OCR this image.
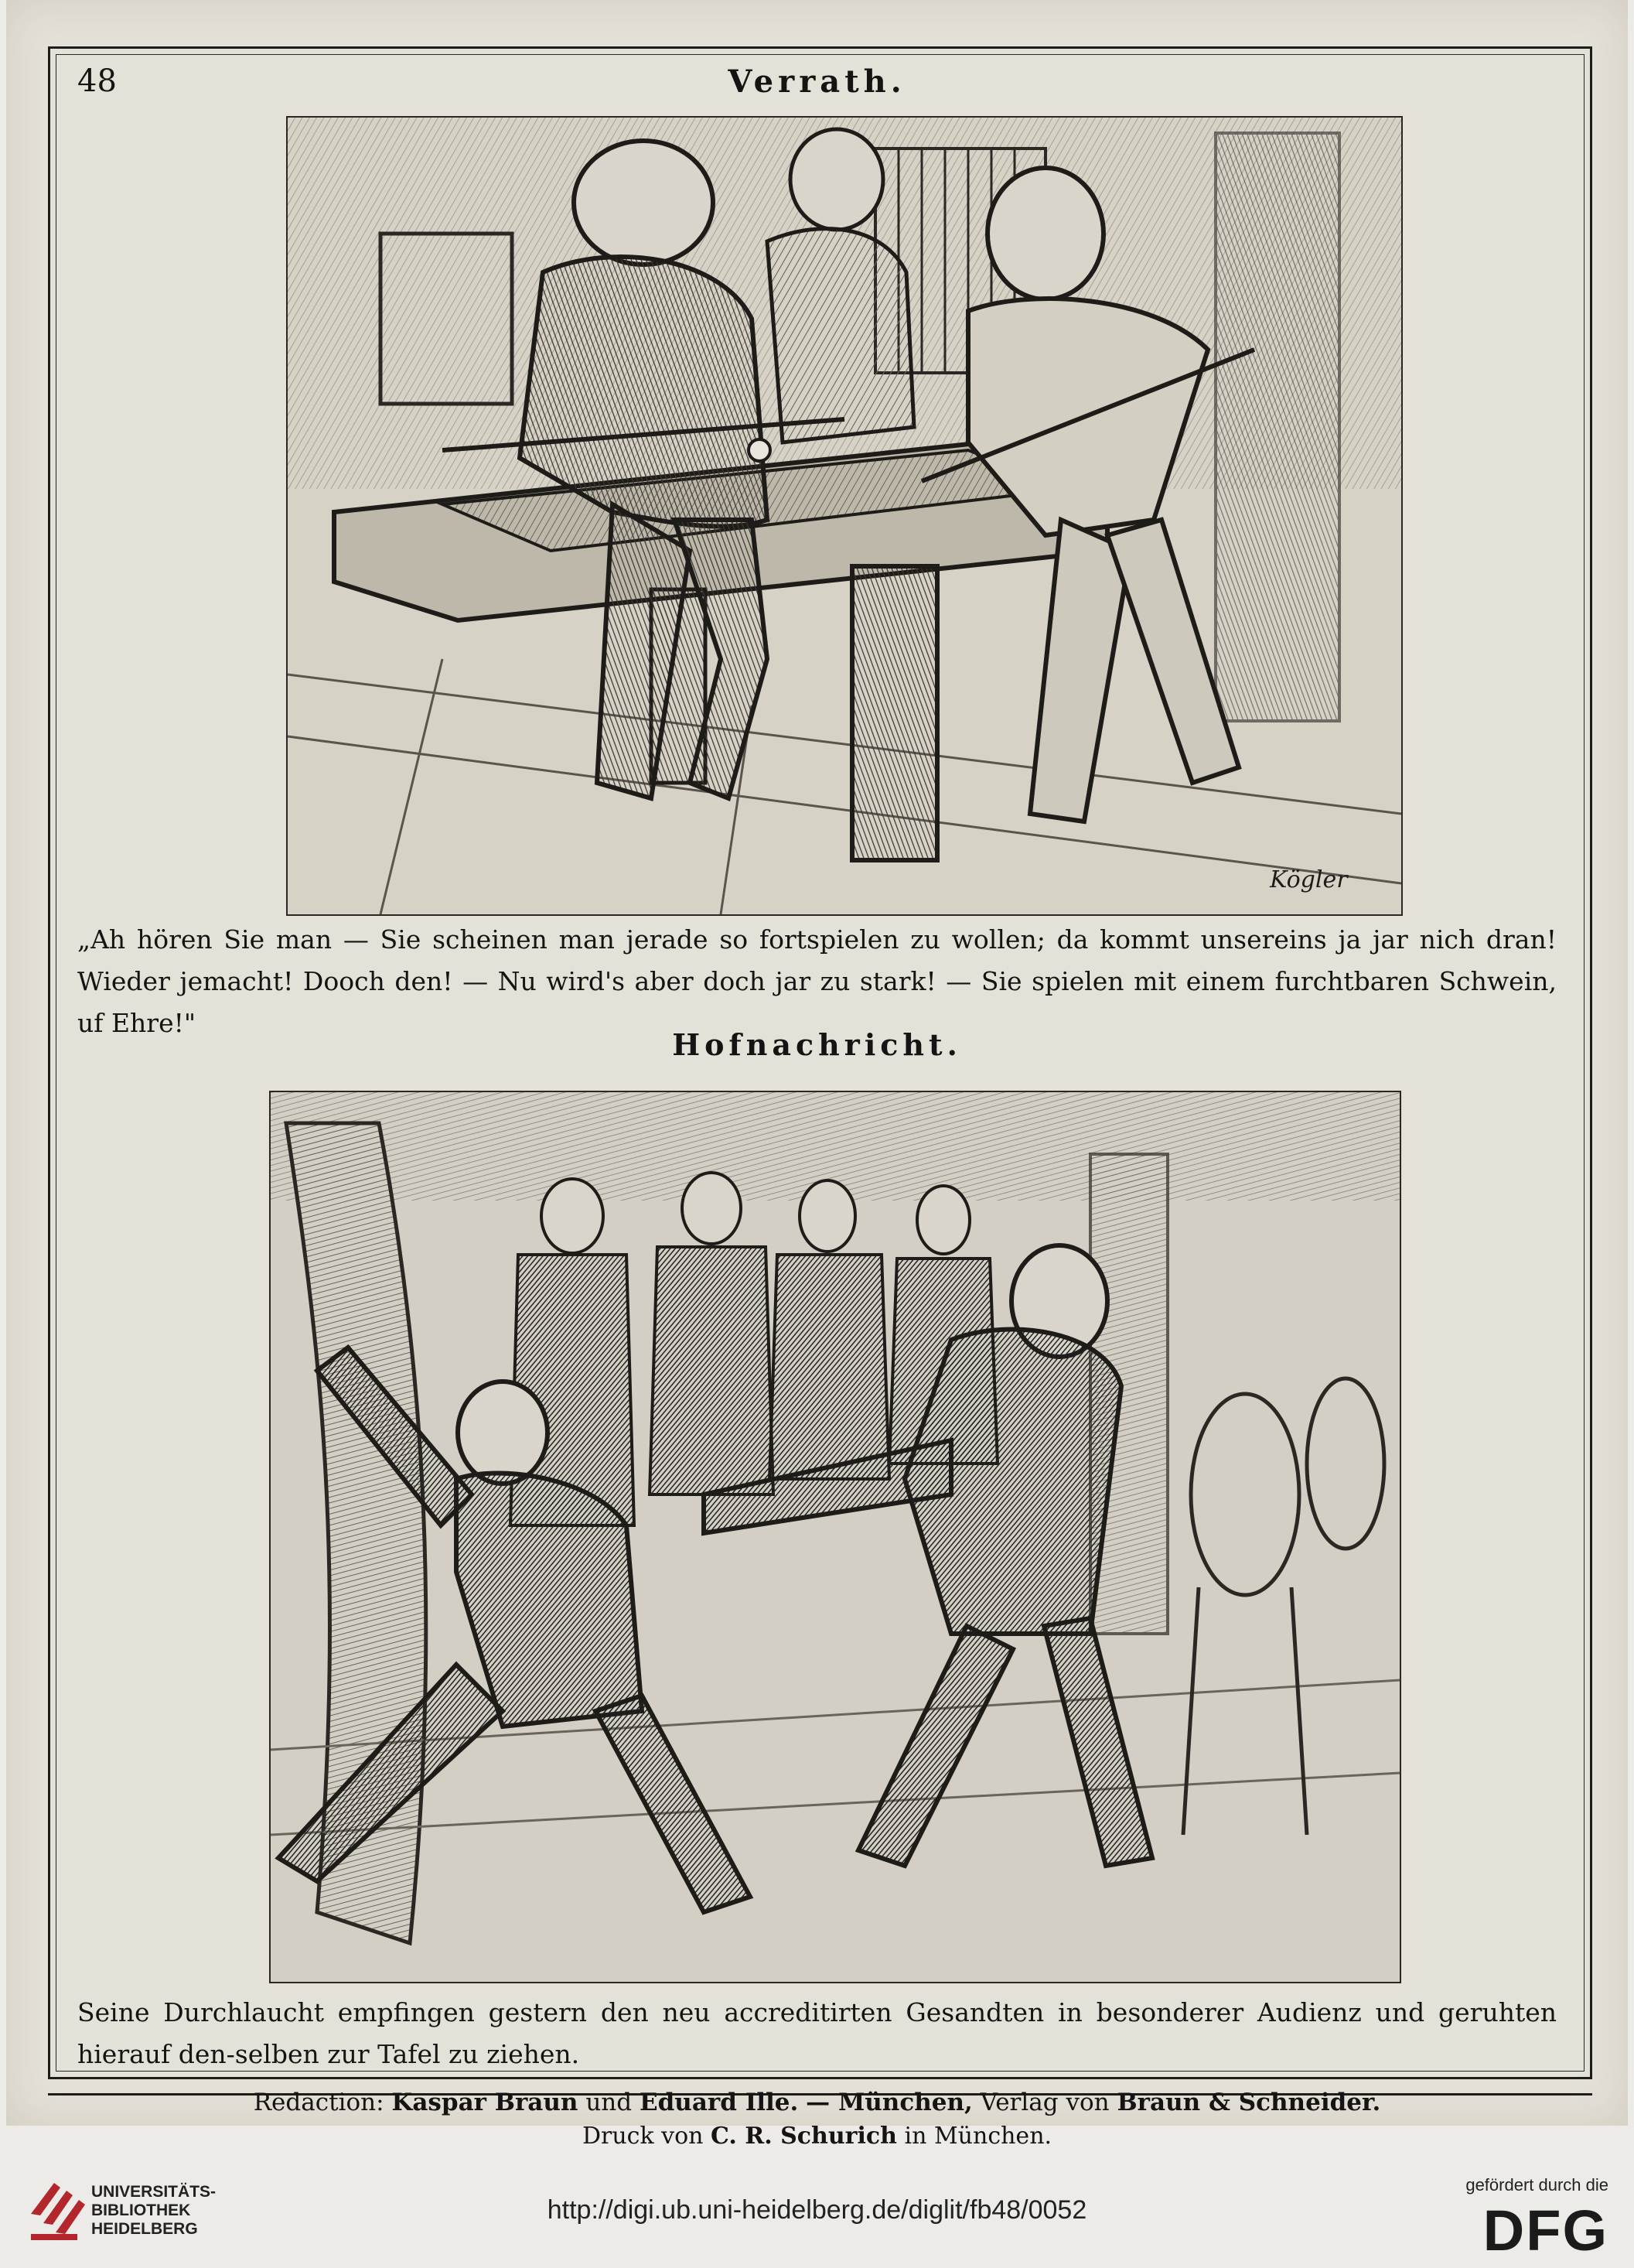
48	Verrath.
Kögler
„Ah hören Sie man — Sie scheinen man jerade so fortspielen zu wollen; da kommt unsereins ja jar nich dran! Wieder jemacht! Dooch den! — Nu wird's aber doch jar zu stark! — Sie spielen mit einem furchtbaren Schwein, uf Ehre!"
Hofnachricht.
Seine Durchlaucht empfingen gestern den neu accreditirten Gesandten in besonderer Audienz und geruhten hierauf den-selben zur Tafel zu ziehen.
Redaction: Kaspar Braun und Eduard Ille. — München, Verlag von Braun & Schneider.
Druck von C. R. Schurich in München.
UNIVERSITÄTS-
BIBLIOTHEK
HEIDELBERG
http://digi.ub.uni-heidelberg.de/diglit/fb48/0052
gefördert durch die
DFG
